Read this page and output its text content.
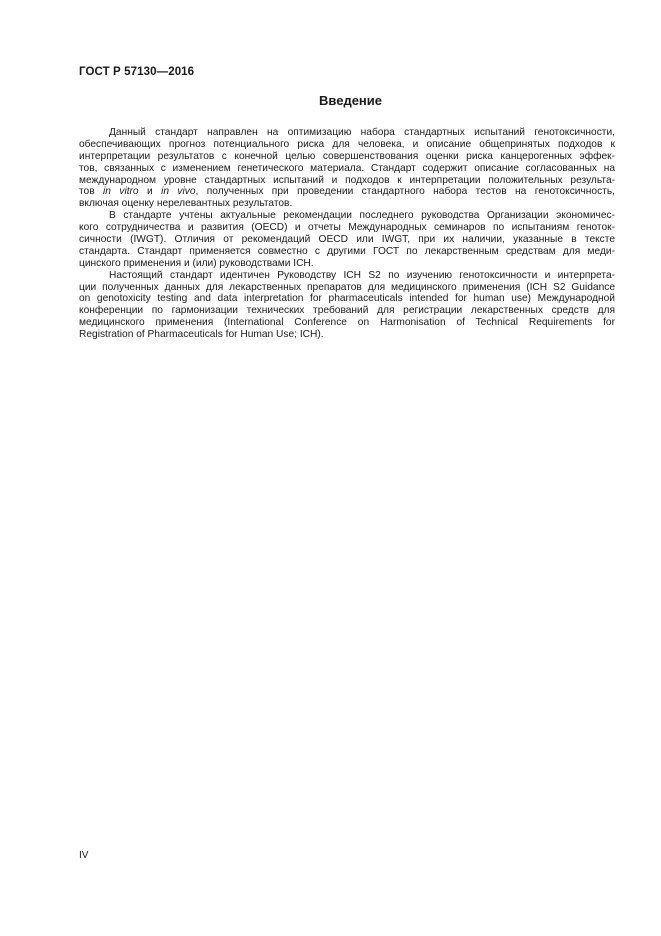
ГОСТ Р 57130—2016
Введение
Данный стандарт направлен на оптимизацию набора стандартных испытаний генотоксичности,
обеспечивающих прогноз потенциального риска для человека, и описание общепринятых подходов к
интерпретации результатов с конечной целью совершенствования оценки риска канцерогенных эффек-
тов, связанных с изменением генетического материала. Стандарт содержит описание согласованных на
международном уровне стандартных испытаний и подходов к интерпретации положительных результа-
тов in vitro и in vivo, полученных при проведении стандартного набора тестов на генотоксичность,
включая оценку нерелевантных результатов.
В стандарте учтены актуальные рекомендации последнего руководства Организации экономичес-
кого сотрудничества и развития (OECD) и отчеты Международных семинаров по испытаниям геноток-
сичности (IWGT). Отличия от рекомендаций OECD или IWGT, при их наличии, указанные в тексте
стандарта. Стандарт применяется совместно с другими ГОСТ по лекарственным средствам для меди-
цинского применения и (или) руководствами ICH.
Настоящий стандарт идентичен Руководству ICH S2 по изучению генотоксичности и интерпрета-
ции полученных данных для лекарственных препаратов для медицинского применения (ICH S2 Guidance
on genotoxicity testing and data interpretation for pharmaceuticals intended for human use) Международной
конференции по гармонизации технических требований для регистрации лекарственных средств для
медицинского применения (International Conference on Harmonisation of Technical Requirements for
Registration of Pharmaceuticals for Human Use; ICH).
IV
